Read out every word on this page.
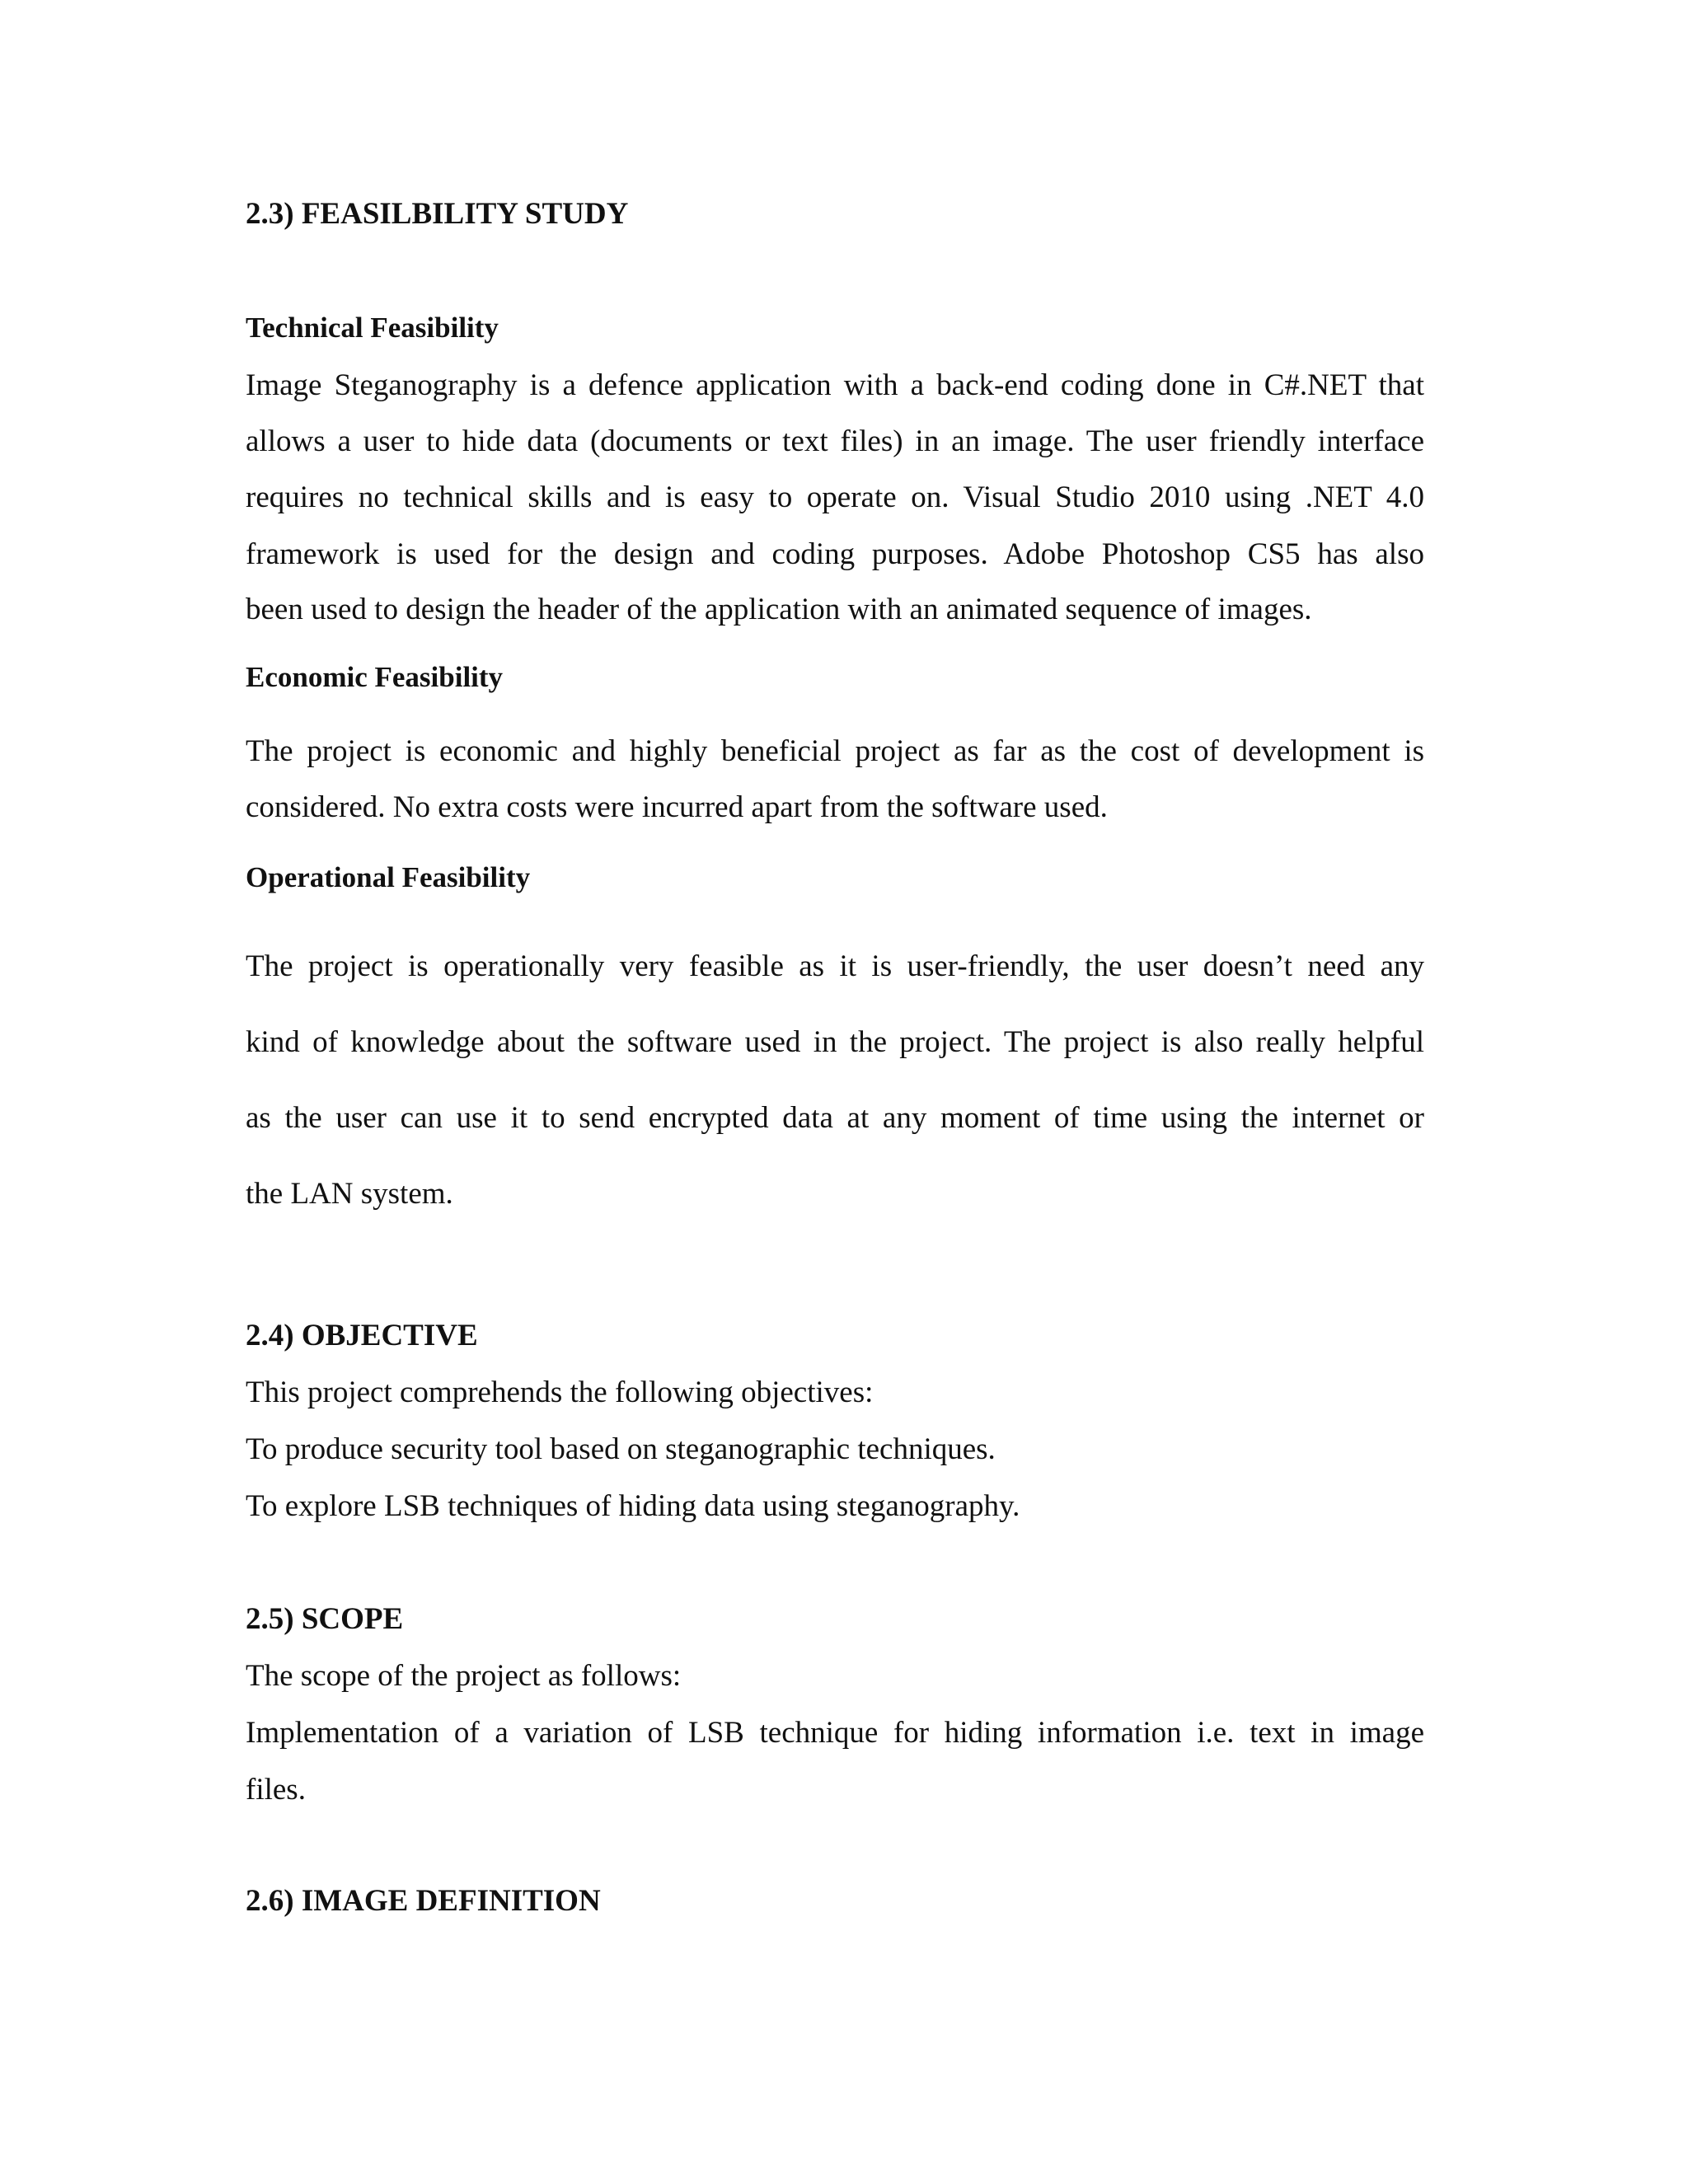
2.3) FEASILBILITY STUDY
Technical Feasibility
Image Steganography is a defence application with a back-end coding done in C#.NET that
allows a user to hide data (documents or text files) in an image. The user friendly interface
requires no technical skills and is easy to operate on. Visual Studio 2010 using .NET 4.0
framework is used for the design and coding purposes. Adobe Photoshop CS5 has also
been used to design the header of the application with an animated sequence of images.
Economic Feasibility
The project is economic and highly beneficial project as far as the cost of development is
considered. No extra costs were incurred apart from the software used.
Operational Feasibility
The project is operationally very feasible as it is user-friendly, the user doesn’t need any
kind of knowledge about the software used in the project. The project is also really helpful
as the user can use it to send encrypted data at any moment of time using the internet or
the LAN system.
2.4) OBJECTIVE
This project comprehends the following objectives:
To produce security tool based on steganographic techniques.
To explore LSB techniques of hiding data using steganography.
2.5) SCOPE
The scope of the project as follows:
Implementation of a variation of LSB technique for hiding information i.e. text in image
files.
2.6) IMAGE DEFINITION
